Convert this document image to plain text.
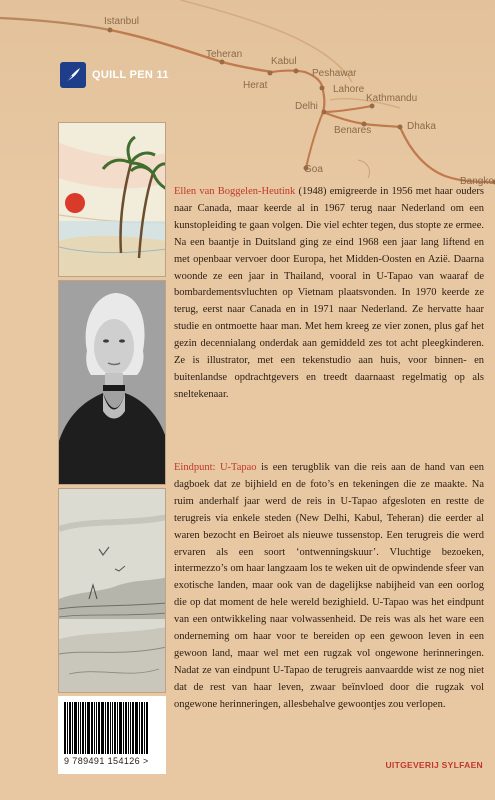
Istanbul
Teheran
Kabul
Herat
Peshawar
Lahore
Delhi
Kathmandu
Benares	Dhaka
Goa
Bangko
QUILL PEN 11
9 789491 154126 >
Ellen van Boggelen-Heutink (1948) emigreerde in 1956 met haar ouders naar Canada, maar keerde al in 1967 terug naar Nederland om een kunstopleiding te gaan volgen. Die viel echter tegen, dus stopte ze ermee. Na een baantje in Duitsland ging ze eind 1968 een jaar lang liftend en met openbaar vervoer door Europa, het Midden-Oosten en Azië. Daarna woonde ze een jaar in Thailand, vooral in U-Tapao van waaraf de bombardementsvluchten op Vietnam plaatsvonden. In 1970 keerde ze terug, eerst naar Canada en in 1971 naar Nederland. Ze hervatte haar studie en ontmoette haar man. Met hem kreeg ze vier zonen, plus gaf het gezin decennialang onderdak aan gemiddeld zes tot acht pleegkinderen. Ze is illustrator, met een tekenstudio aan huis, voor binnen- en buitenlandse opdrachtgevers en treedt daarnaast regelmatig op als sneltekenaar.
Eindpunt: U-Tapao is een terugblik van die reis aan de hand van een dagboek dat ze bijhield en de foto’s en tekeningen die ze maakte. Na ruim anderhalf jaar werd de reis in U-Tapao afgesloten en restte de terugreis via enkele steden (New Delhi, Kabul, Teheran) die eerder al waren bezocht en Beiroet als nieuwe tussenstop. Een terugreis die werd ervaren als een soort ‘ontwenningskuur’. Vluchtige bezoeken, intermezzo’s om haar langzaam los te weken uit de opwindende sfeer van exotische landen, maar ook van de dagelijkse nabijheid van een oorlog die op dat moment de hele wereld bezighield. U-Tapao was het eindpunt van een ontwikkeling naar volwassenheid. De reis was als het ware een onderneming om haar voor te bereiden op een gewoon leven in een gewoon land, maar wel met een rugzak vol ongewone herinneringen. Nadat ze van eindpunt U-Tapao de terugreis aanvaardde wist ze nog niet dat de rest van haar leven, zwaar beïnvloed door die rugzak vol ongewone herinneringen, allesbehalve gewoontjes zou verlopen.
UITGEVERIJ SYLFAEN
